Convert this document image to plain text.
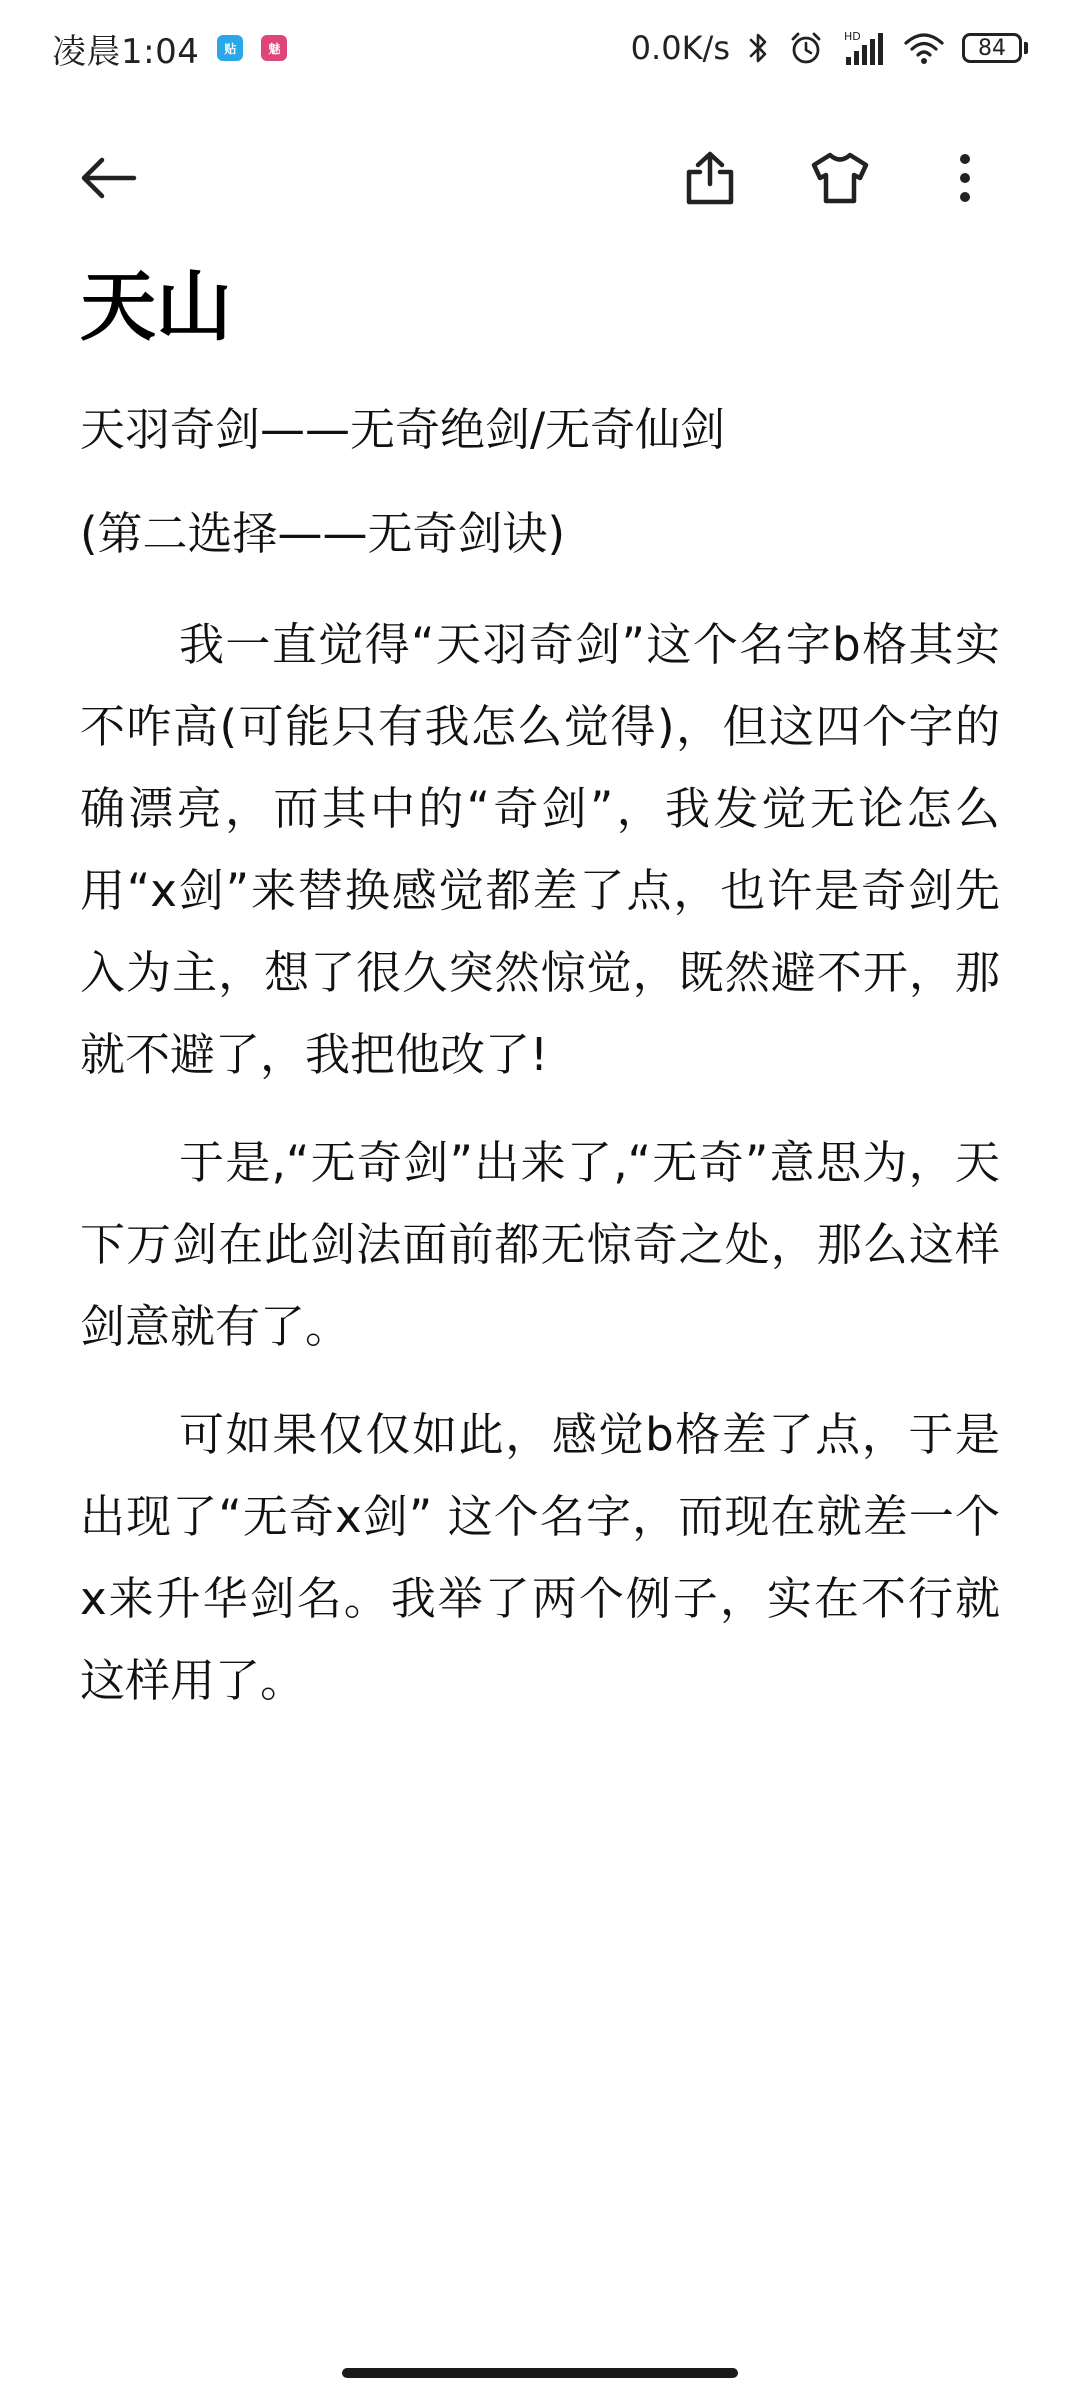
凌晨1:04	贴	魅	0.0K/s	HD	84
天山

天羽奇剑——无奇绝剑/无奇仙剑

(第二选择——无奇剑诀)

我一直觉得“天羽奇剑”这个名字b格其实不咋高(可能只有我怎么觉得)，但这四个字的确漂亮，而其中的“奇剑”，我发觉无论怎么用“x剑”来替换感觉都差了点，也许是奇剑先入为主，想了很久突然惊觉，既然避不开，那就不避了，我把他改了!

于是,“无奇剑”出来了,“无奇”意思为，天下万剑在此剑法面前都无惊奇之处，那么这样剑意就有了。

可如果仅仅如此，感觉b格差了点，于是出现了“无奇x剑” 这个名字，而现在就差一个x来升华剑名。我举了两个例子，实在不行就这样用了。
